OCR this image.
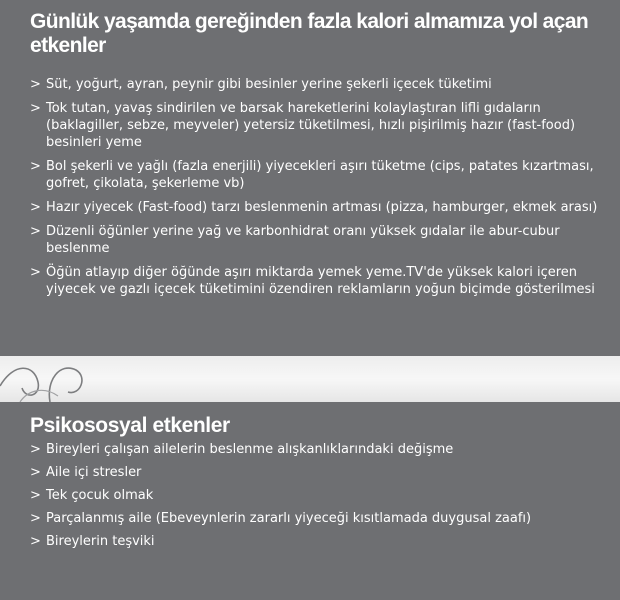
Günlük yaşamda gereğinden fazla kalori almamıza yol açan etkenler
> Süt, yoğurt, ayran, peynir gibi besinler yerine şekerli içecek tüketimi
> Tok tutan, yavaş sindirilen ve barsak hareketlerini kolaylaştıran lifli gıdaların (baklagiller, sebze, meyveler) yetersiz tüketilmesi, hızlı pişirilmiş hazır (fast-food) besinleri yeme
> Bol şekerli ve yağlı (fazla enerjili) yiyecekleri aşırı tüketme (cips, patates kızartması, gofret, çikolata, şekerleme vb)
> Hazır yiyecek (Fast-food) tarzı beslenmenin artması (pizza, hamburger, ekmek arası)
> Düzenli öğünler yerine yağ ve karbonhidrat oranı yüksek gıdalar ile abur-cubur beslenme
> Öğün atlayıp diğer öğünde aşırı miktarda yemek yeme.TV'de yüksek kalori içeren yiyecek ve gazlı içecek tüketimini özendiren reklamların yoğun biçimde gösterilmesi
Psikososyal etkenler
> Bireyleri çalışan ailelerin beslenme alışkanlıklarındaki değişme
> Aile içi stresler
> Tek çocuk olmak
> Parçalanmış aile (Ebeveynlerin zararlı yiyeceği kısıtlamada duygusal zaafı)
> Bireylerin teşviki
